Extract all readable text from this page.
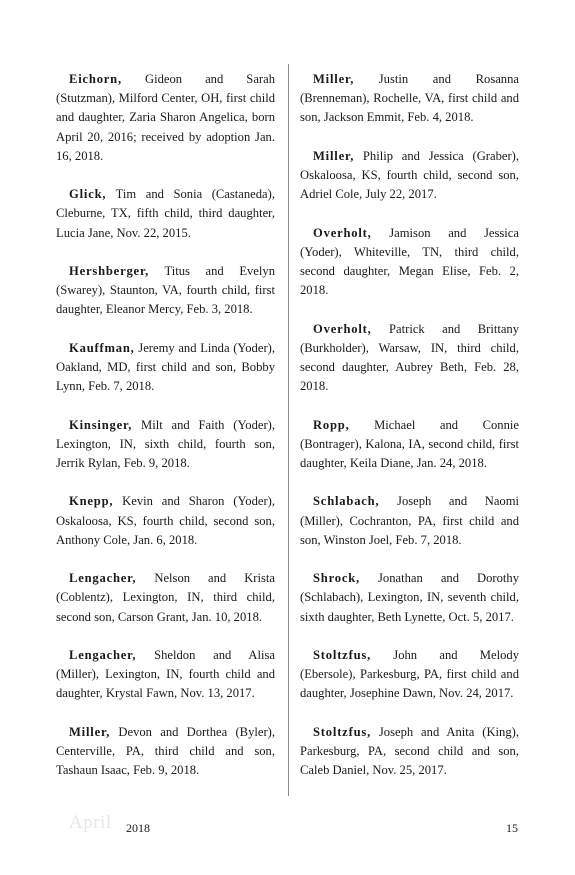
Eichorn, Gideon and Sarah (Stutzman), Milford Center, OH, first child and daughter, Zaria Sharon Angelica, born April 20, 2016; received by adoption Jan. 16, 2018.

Glick, Tim and Sonia (Castaneda), Cleburne, TX, fifth child, third daughter, Lucia Jane, Nov. 22, 2015.

Hershberger, Titus and Evelyn (Swarey), Staunton, VA, fourth child, first daughter, Eleanor Mercy, Feb. 3, 2018.

Kauffman, Jeremy and Linda (Yoder), Oakland, MD, first child and son, Bobby Lynn, Feb. 7, 2018.

Kinsinger, Milt and Faith (Yoder), Lexington, IN, sixth child, fourth son, Jerrik Rylan, Feb. 9, 2018.

Knepp, Kevin and Sharon (Yoder), Oskaloosa, KS, fourth child, second son, Anthony Cole, Jan. 6, 2018.

Lengacher, Nelson and Krista (Coblentz), Lexington, IN, third child, second son, Carson Grant, Jan. 10, 2018.

Lengacher, Sheldon and Alisa (Miller), Lexington, IN, fourth child and daughter, Krystal Fawn, Nov. 13, 2017.

Miller, Devon and Dorthea (Byler), Centerville, PA, third child and son, Tashaun Isaac, Feb. 9, 2018.

Miller, Justin and Rosanna (Brenneman), Rochelle, VA, first child and son, Jackson Emmit, Feb. 4, 2018.

Miller, Philip and Jessica (Graber), Oskaloosa, KS, fourth child, second son, Adriel Cole, July 22, 2017.

Overholt, Jamison and Jessica (Yoder), Whiteville, TN, third child, second daughter, Megan Elise, Feb. 2, 2018.

Overholt, Patrick and Brittany (Burkholder), Warsaw, IN, third child, second daughter, Aubrey Beth, Feb. 28, 2018.

Ropp, Michael and Connie (Bontrager), Kalona, IA, second child, first daughter, Keila Diane, Jan. 24, 2018.

Schlabach, Joseph and Naomi (Miller), Cochranton, PA, first child and son, Winston Joel, Feb. 7, 2018.

Shrock, Jonathan and Dorothy (Schlabach), Lexington, IN, seventh child, sixth daughter, Beth Lynette, Oct. 5, 2017.

Stoltzfus, John and Melody (Ebersole), Parkesburg, PA, first child and daughter, Josephine Dawn, Nov. 24, 2017.

Stoltzfus, Joseph and Anita (King), Parkesburg, PA, second child and son, Caleb Daniel, Nov. 25, 2017.

April 2018	15
